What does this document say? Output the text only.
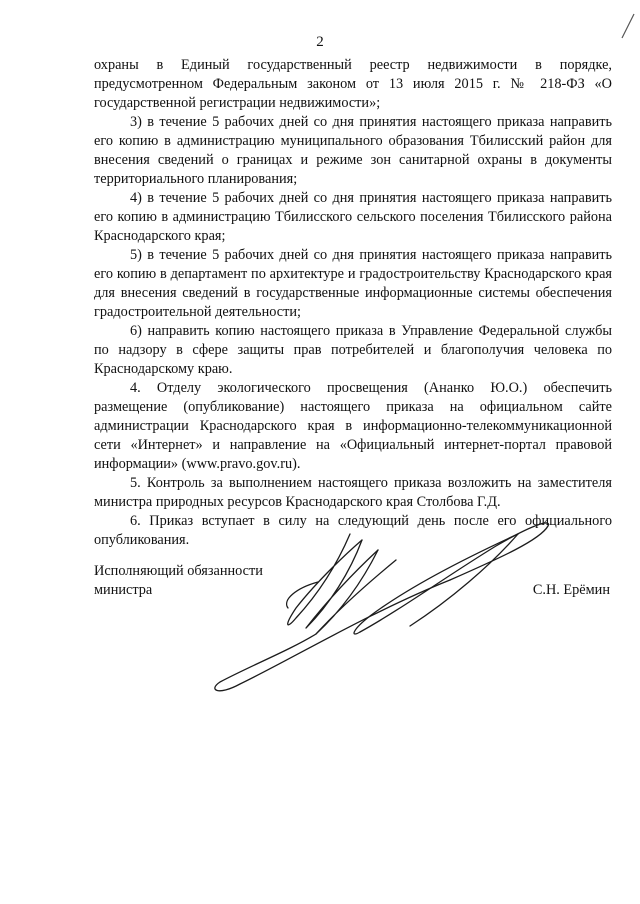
2

охраны в Единый государственный реестр недвижимости в порядке, предусмотренном Федеральным законом от 13 июля 2015 г. № 218-ФЗ «О государственной регистрации недвижимости»;

3) в течение 5 рабочих дней со дня принятия настоящего приказа направить его копию в администрацию муниципального образования Тбилисский район для внесения сведений о границах и режиме зон санитарной охраны в документы территориального планирования;

4) в течение 5 рабочих дней со дня принятия настоящего приказа направить его копию в администрацию Тбилисского сельского поселения Тбилисского района Краснодарского края;

5) в течение 5 рабочих дней со дня принятия настоящего приказа направить его копию в департамент по архитектуре и градостроительству Краснодарского края для внесения сведений в государственные информационные системы обеспечения градостроительной деятельности;

6) направить копию настоящего приказа в Управление Федеральной службы по надзору в сфере защиты прав потребителей и благополучия человека по Краснодарскому краю.

4. Отделу экологического просвещения (Ананко Ю.О.) обеспечить размещение (опубликование) настоящего приказа на официальном сайте администрации Краснодарского края в информационно-телекоммуникационной сети «Интернет» и направление на «Официальный интернет-портал правовой информации» (www.pravo.gov.ru).

5. Контроль за выполнением настоящего приказа возложить на заместителя министра природных ресурсов Краснодарского края Столбова Г.Д.

6. Приказ вступает в силу на следующий день после его официального опубликования.

Исполняющий обязанности
министра	С.Н. Ерёмин
